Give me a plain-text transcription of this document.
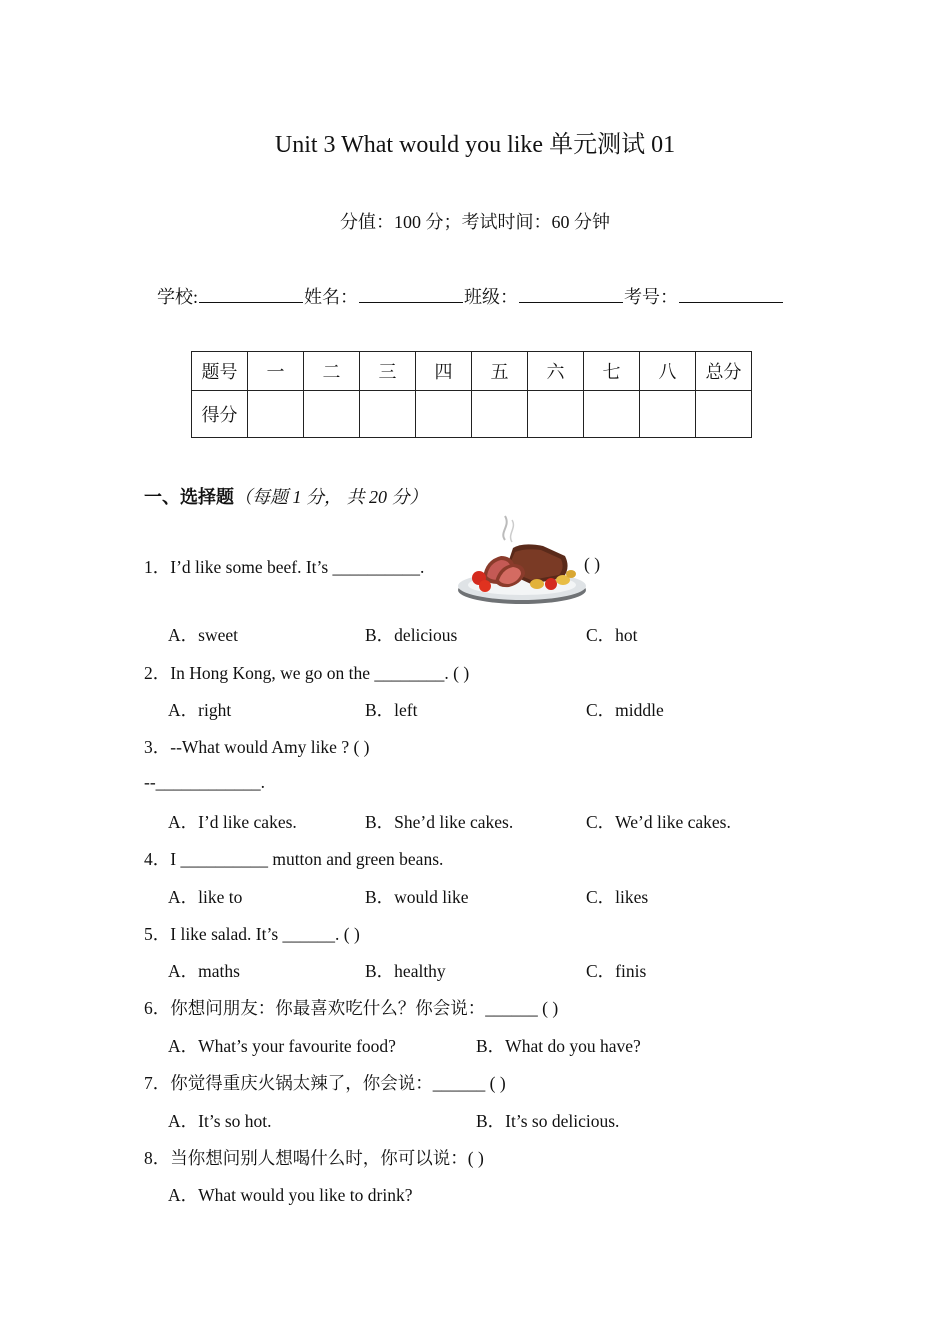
Unit 3 What would you like 单元测试 01
分值：100 分；考试时间：60 分钟
学校:	姓名：	班级：	考号：
题号	一	二	三	四	五	六	七	八	总分
得分									
一、选择题（每题 1 分， 共 20 分）
1．I’d like some beef. It’s __________.	( )
A．sweet	B．delicious	C．hot
2．In Hong Kong, we go on the ________. ( )
A．right	B．left	C．middle
3．--What would Amy like ? ( )
--____________.
A．I’d like cakes.	B．She’d like cakes.	C．We’d like cakes.
4．I __________ mutton and green beans.
A．like to	B．would like	C．likes
5．I like salad. It’s ______. ( )
A．maths	B．healthy	C．finis
6．你想问朋友：你最喜欢吃什么？你会说：______ ( )
A．What’s your favourite food?	B．What do you have?
7．你觉得重庆火锅太辣了，你会说：______ ( )
A．It’s so hot.	B．It’s so delicious.
8．当你想问别人想喝什么时，你可以说：( )
A．What would you like to drink?
